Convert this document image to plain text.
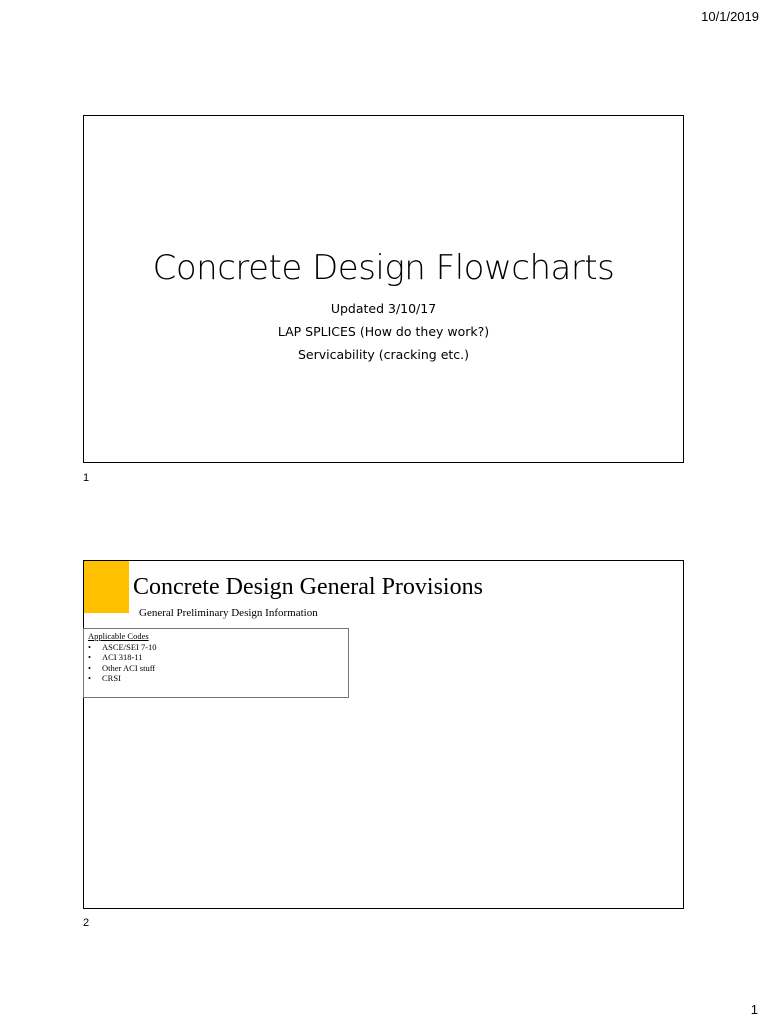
10/1/2019
Concrete Design Flowcharts
Updated 3/10/17
LAP SPLICES (How do they work?)
Servicability (cracking etc.)
1
Concrete Design General Provisions
General Preliminary Design Information
Applicable Codes
• ASCE/SEI 7-10
• ACI 318-11
• Other ACI stuff
• CRSI
2
1
